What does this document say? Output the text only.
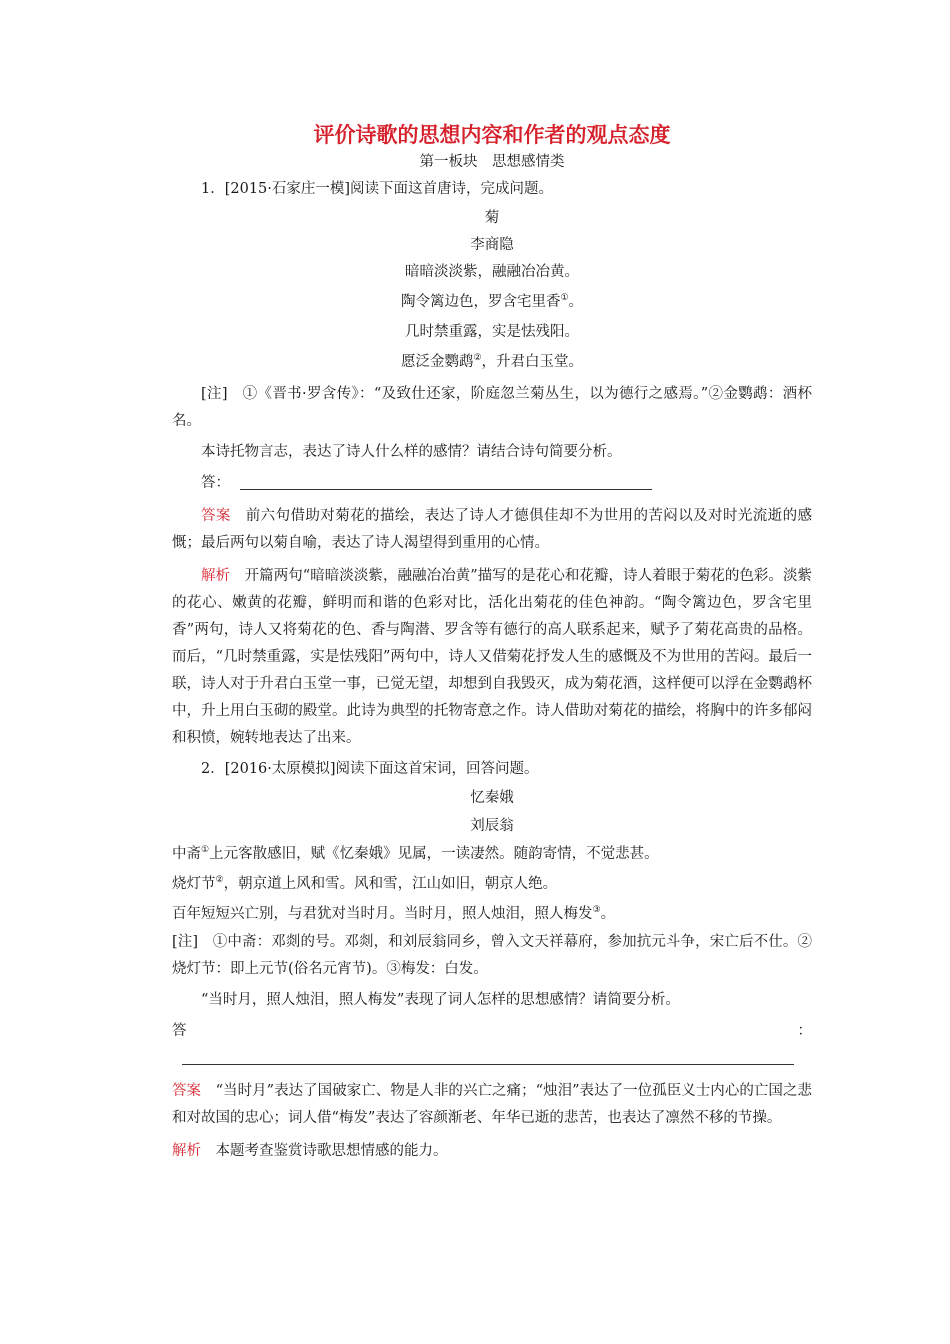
评价诗歌的思想内容和作者的观点态度

第一板块　思想感情类

1．[2015·石家庄一模]阅读下面这首唐诗，完成问题。

菊

李商隐

暗暗淡淡紫，融融冶冶黄。

陶令篱边色，罗含宅里香①。

几时禁重露，实是怯残阳。

愿泛金鹦鹉②，升君白玉堂。

[注]　①《晋书·罗含传》：“及致仕还家，阶庭忽兰菊丛生，以为德行之感焉。”②金鹦鹉：酒杯名。

本诗托物言志，表达了诗人什么样的感情？请结合诗句简要分析。

答：

答案　 前六句借助对菊花的描绘，表达了诗人才德俱佳却不为世用的苦闷以及对时光流逝的感慨；最后两句以菊自喻，表达了诗人渴望得到重用的心情。

解析　 开篇两句“暗暗淡淡紫，融融冶冶黄”描写的是花心和花瓣，诗人着眼于菊花的色彩。淡紫的花心、嫩黄的花瓣，鲜明而和谐的色彩对比，活化出菊花的佳色神韵。“陶令篱边色，罗含宅里香”两句，诗人又将菊花的色、香与陶潜、罗含等有德行的高人联系起来，赋予了菊花高贵的品格。而后，“几时禁重露，实是怯残阳”两句中，诗人又借菊花抒发人生的感慨及不为世用的苦闷。最后一联，诗人对于升君白玉堂一事，已觉无望，却想到自我毁灭，成为菊花酒，这样便可以浮在金鹦鹉杯中，升上用白玉砌的殿堂。此诗为典型的托物寄意之作。诗人借助对菊花的描绘，将胸中的许多郁闷和积愤，婉转地表达了出来。

2．[2016·太原模拟]阅读下面这首宋词，回答问题。

忆秦娥

刘辰翁

中斋①上元客散感旧，赋《忆秦娥》见属，一读凄然。随韵寄情，不觉悲甚。

烧灯节②，朝京道上风和雪。风和雪，江山如旧，朝京人绝。

百年短短兴亡别，与君犹对当时月。当时月，照人烛泪，照人梅发③。

[注]　①中斋：邓剡的号。邓剡，和刘辰翁同乡，曾入文天祥幕府，参加抗元斗争，宋亡后不仕。②烧灯节：即上元节(俗名元宵节)。③梅发：白发。

“当时月，照人烛泪，照人梅发”表现了词人怎样的思想感情？请简要分析。

答：

答案　 “当时月”表达了国破家亡、物是人非的兴亡之痛；“烛泪”表达了一位孤臣义士内心的亡国之悲和对故国的忠心；词人借“梅发”表达了容颜渐老、年华已逝的悲苦，也表达了凛然不移的节操。

解析　 本题考查鉴赏诗歌思想情感的能力。
